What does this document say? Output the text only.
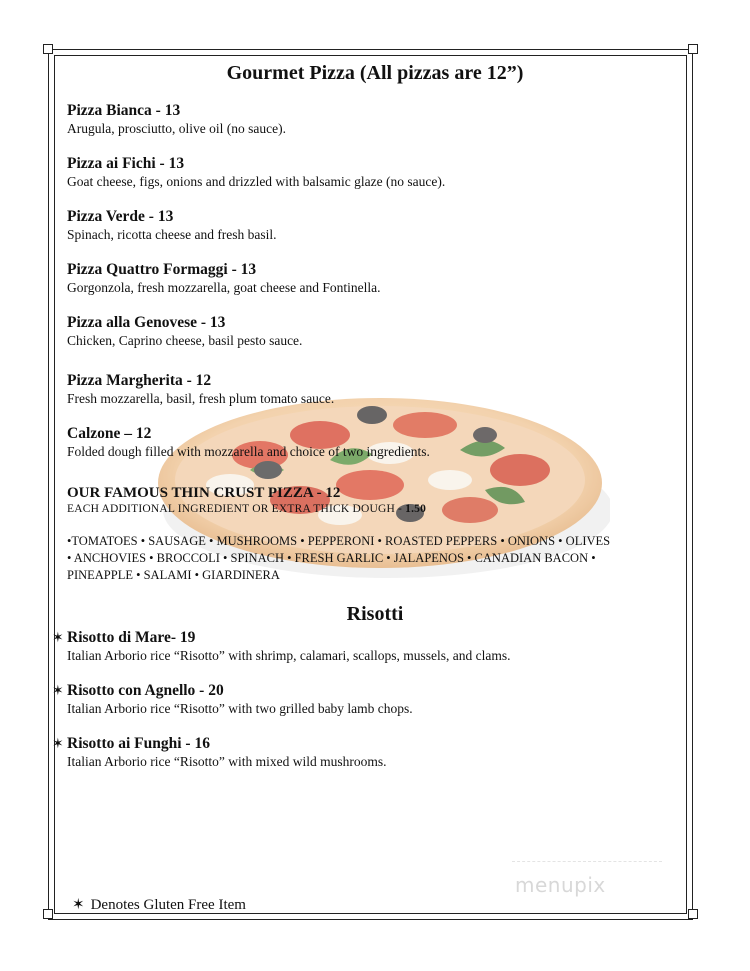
Gourmet Pizza (All pizzas are 12”)
Pizza Bianca - 13
Arugula, prosciutto, olive oil (no sauce).
Pizza ai Fichi - 13
Goat cheese, figs, onions and drizzled with balsamic glaze (no sauce).
Pizza Verde - 13
Spinach, ricotta cheese and fresh basil.
Pizza Quattro Formaggi - 13
Gorgonzola, fresh mozzarella, goat cheese and Fontinella.
Pizza alla Genovese - 13
Chicken, Caprino cheese, basil pesto sauce.
Pizza Margherita - 12
Fresh mozzarella, basil, fresh plum tomato sauce.
Calzone – 12
Folded dough filled with mozzarella and choice of two ingredients.
OUR FAMOUS THIN CRUST PIZZA - 12
EACH ADDITIONAL INGREDIENT OR EXTRA THICK DOUGH - 1.50
•TOMATOES • SAUSAGE • MUSHROOMS • PEPPERONI • ROASTED PEPPERS • ONIONS • OLIVES
• ANCHOVIES • BROCCOLI • SPINACH • FRESH GARLIC • JALAPENOS • CANADIAN BACON •
PINEAPPLE • SALAMI • GIARDINERA
Risotti
✶ Risotto di Mare- 19
Italian Arborio rice “Risotto” with shrimp, calamari, scallops, mussels, and clams.
✶ Risotto con Agnello - 20
Italian Arborio rice “Risotto” with two grilled baby lamb chops.
✶ Risotto ai Funghi - 16
Italian Arborio rice “Risotto” with mixed wild mushrooms.
menupix
✶ Denotes Gluten Free Item
